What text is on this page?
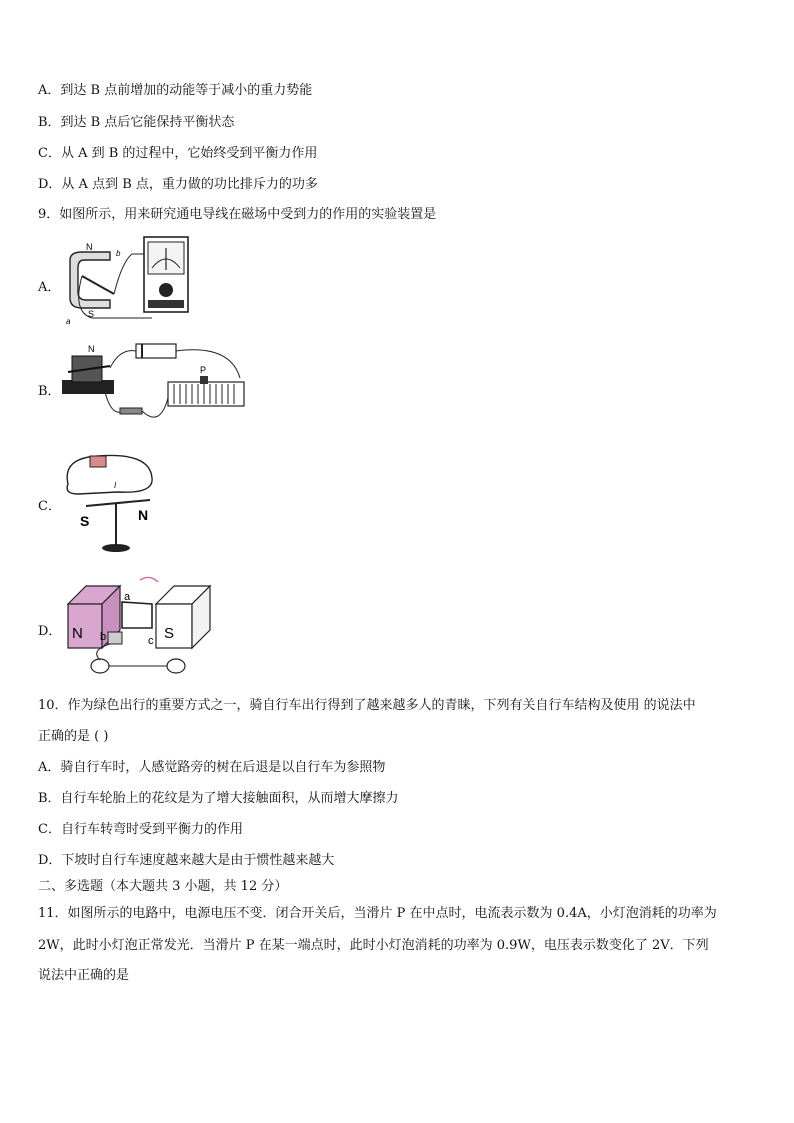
A．到达 B 点前增加的动能等于减小的重力势能
B．到达 B 点后它能保持平衡状态
C．从 A 到 B 的过程中，它始终受到平衡力作用
D．从 A 点到 B 点，重力做的功比排斥力的功多
9．如图所示，用来研究通电导线在磁场中受到力的作用的实验装置是
A．
B．
C．
D．
N
S
a
b
N
P
S	N
I
N	S
a
b	c
10．作为绿色出行的重要方式之一，骑自行车出行得到了越来越多人的青睐，下列有关自行车结构及使用 的说法中
正确的是 ( )
A．骑自行车时，人感觉路旁的树在后退是以自行车为参照物
B．自行车轮胎上的花纹是为了增大接触面积，从而增大摩擦力
C．自行车转弯时受到平衡力的作用
D．下坡时自行车速度越来越大是由于惯性越来越大
二、多选题（本大题共 3 小题，共 12 分）
11．如图所示的电路中，电源电压不变．闭合开关后，当滑片 P 在中点时，电流表示数为 0.4A，小灯泡消耗的功率为
2W，此时小灯泡正常发光．当滑片 P 在某一端点时，此时小灯泡消耗的功率为 0.9W，电压表示数变化了 2V．下列
说法中正确的是
